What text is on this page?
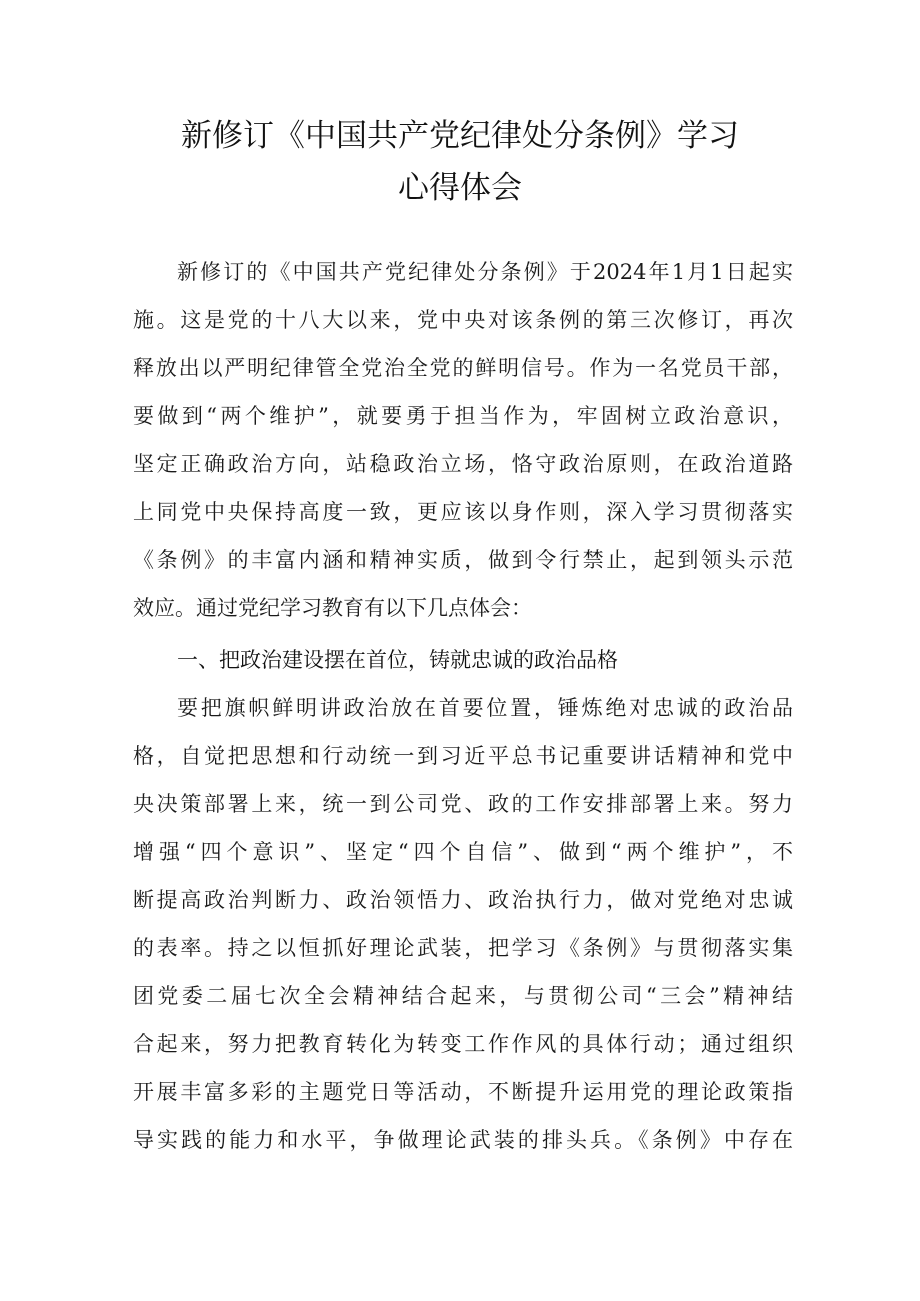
新修订《中国共产党纪律处分条例》学习
心得体会

新修订的《中国共产党纪律处分条例》于2024年1月1日起实

施。这是党的十八大以来，党中央对该条例的第三次修订，再次

释放出以严明纪律管全党治全党的鲜明信号。作为一名党员干部，

要做到“两个维护”，就要勇于担当作为，牢固树立政治意识，

坚定正确政治方向，站稳政治立场，恪守政治原则，在政治道路

上同党中央保持高度一致，更应该以身作则，深入学习贯彻落实

《条例》的丰富内涵和精神实质，做到令行禁止，起到领头示范

效应。通过党纪学习教育有以下几点体会：

一、把政治建设摆在首位，铸就忠诚的政治品格

要把旗帜鲜明讲政治放在首要位置，锤炼绝对忠诚的政治品

格，自觉把思想和行动统一到习近平总书记重要讲话精神和党中

央决策部署上来，统一到公司党、政的工作安排部署上来。努力

增强“四个意识”、坚定“四个自信”、做到“两个维护”，不

断提高政治判断力、政治领悟力、政治执行力，做对党绝对忠诚

的表率。持之以恒抓好理论武装，把学习《条例》与贯彻落实集

团党委二届七次全会精神结合起来，与贯彻公司“三会”精神结

合起来，努力把教育转化为转变工作作风的具体行动；通过组织

开展丰富多彩的主题党日等活动，不断提升运用党的理论政策指

导实践的能力和水平，争做理论武装的排头兵。《条例》中存在
